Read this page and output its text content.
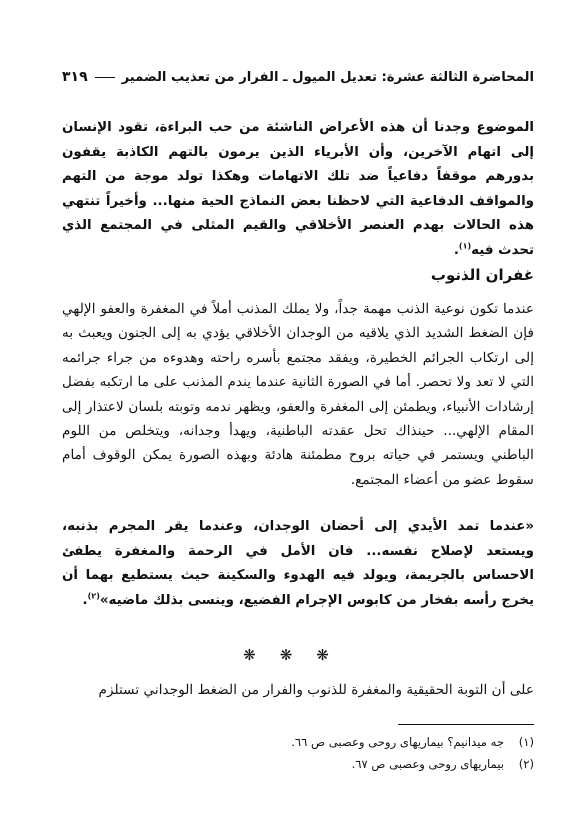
المحاضرة الثالثة عشرة: تعديل الميول ـ الفرار من تعذيب الضمير
٣١٩

الموضوع وجدنا أن هذه الأعراض الناشئة من حب البراءة، تقود الإنسان إلى اتهام الآخرين، وأن الأبرياء الذين يرمون بالتهم الكاذبة يقفون بدورهم موقفاً دفاعياً ضد تلك الاتهامات وهكذا تولد موجة من التهم والمواقف الدفاعية التي لاحظنا بعض النماذج الحية منها... وأخيراً تنتهي هذه الحالات بهدم العنصر الأخلاقي والقيم المثلى في المجتمع الذي تحدث فيه$^{(١)}$.

غفران الذنوب

عندما تكون نوعية الذنب مهمة جداً، ولا يملك المذنب أملاً في المغفرة والعفو الإلهي فإن الضغط الشديد الذي يلاقيه من الوجدان الأخلاقي يؤدي به إلى الجنون ويعبث به إلى ارتكاب الجرائم الخطيرة، ويفقد مجتمع بأسره راحته وهدوءه من جراء جرائمه التي لا تعد ولا تحصر. أما في الصورة الثانية عندما يندم المذنب على ما ارتكبه بفضل إرشادات الأنبياء، ويطمئن إلى المغفرة والعفو، ويظهر ندمه وتوبته بلسان لاعتذار إلى المقام الإلهي... حينذاك تحل عقدته الباطنية، ويهدأ وجدانه، ويتخلص من اللوم الباطني ويستمر في حياته بروح مطمئنة هادئة وبهذه الصورة يمكن الوقوف أمام سقوط عضو من أعضاء المجتمع.

«عندما تمد الأيدي إلى أحضان الوجدان، وعندما يقر المجرم بذنبه، ويستعد لإصلاح نفسه... فان الأمل في الرحمة والمغفرة يطفئ الاحساس بالجريمة، ويولد فيه الهدوء والسكينة حيث يستطيع بهما أن يخرج رأسه بفخار من كابوس الإجرام الفضيع، وينسى بذلك ماضيه»$^{(٢)}$.

❋❋❋

على أن التوبة الحقيقية والمغفرة للذنوب والفرار من الضغط الوجداني تستلزم

(١)جه ميدانيم؟ بيماريهاى روحى وعصبى ص ٦٦.
(٢)بيماريهاى روحى وعصبى ص ٦٧.
